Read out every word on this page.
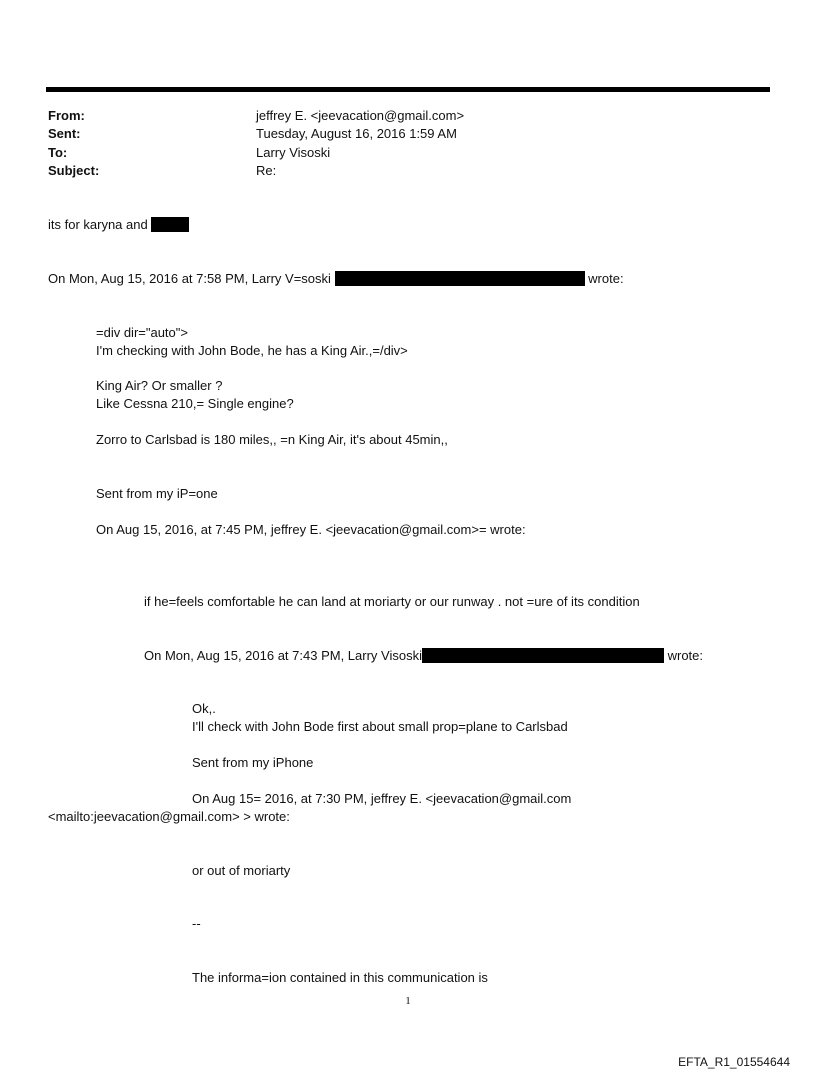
From:	jeffrey E. <jeevacation@gmail.com>
Sent:	Tuesday, August 16, 2016 1:59 AM
To:	Larry Visoski
Subject:	Re:
its for karyna and
On Mon, Aug 15, 2016 at 7:58 PM, Larry V=soski	wrote:
=div dir="auto">
I'm checking with John Bode, he has a King Air.,=/div>
King Air? Or smaller ?
Like Cessna 210,= Single engine?
Zorro to Carlsbad is 180 miles,, =n King Air, it's about 45min,,
Sent from my iP=one
On Aug 15, 2016, at 7:45 PM, jeffrey E. <jeevacation@gmail.com>= wrote:
if he=feels comfortable he can land at moriarty or our runway . not =ure of its condition
On Mon, Aug 15, 2016 at 7:43 PM, Larry Visoski	wrote:
Ok,.
I'll check with John Bode first about small prop=plane to Carlsbad
Sent from my iPhone
On Aug 15= 2016, at 7:30 PM, jeffrey E. <jeevacation@gmail.com
<mailto:jeevacation@gmail.com> > wrote:
or out of moriarty
--
The informa=ion contained in this communication is
1
EFTA_R1_01554644
